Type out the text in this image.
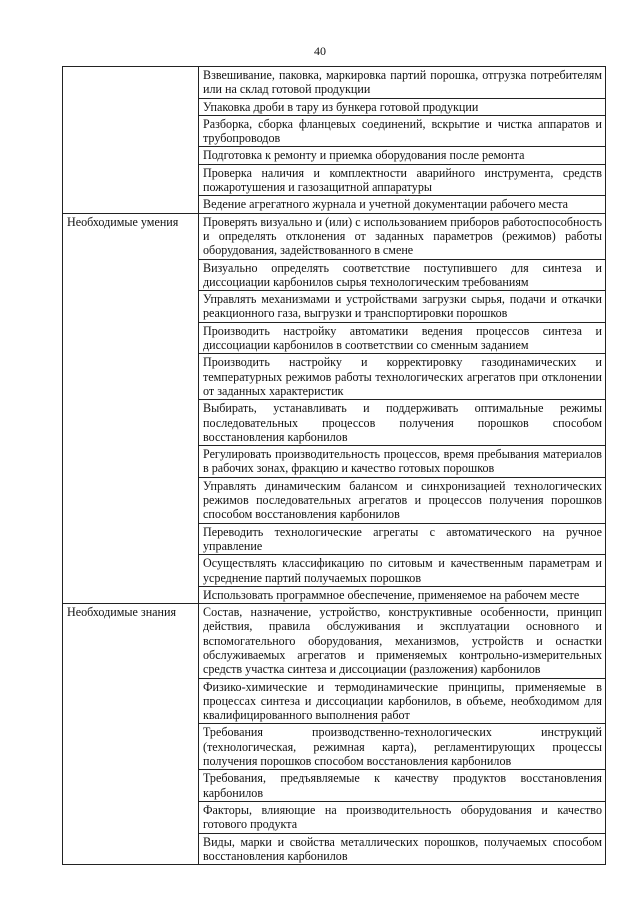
40
	Взвешивание, паковка, маркировка партий порошка, отгрузка потребителям или на склад готовой продукции
	Упаковка дроби в тару из бункера готовой продукции
	Разборка, сборка фланцевых соединений, вскрытие и чистка аппаратов и трубопроводов
	Подготовка к ремонту и приемка оборудования после ремонта
	Проверка наличия и комплектности аварийного инструмента, средств пожаротушения и газозащитной аппаратуры
	Ведение агрегатного журнала и учетной документации рабочего места
Необходимые умения	Проверять визуально и (или) с использованием приборов работоспособность и определять отклонения от заданных параметров (режимов) работы оборудования, задействованного в смене
	Визуально определять соответствие поступившего для синтеза и диссоциации карбонилов сырья технологическим требованиям
	Управлять механизмами и устройствами загрузки сырья, подачи и откачки реакционного газа, выгрузки и транспортировки порошков
	Производить настройку автоматики ведения процессов синтеза и диссоциации карбонилов в соответствии со сменным заданием
	Производить настройку и корректировку газодинамических и температурных режимов работы технологических агрегатов при отклонении от заданных характеристик
	Выбирать, устанавливать и поддерживать оптимальные режимы последовательных процессов получения порошков способом восстановления карбонилов
	Регулировать производительность процессов, время пребывания материалов в рабочих зонах, фракцию и качество готовых порошков
	Управлять динамическим балансом и синхронизацией технологических режимов последовательных агрегатов и процессов получения порошков способом восстановления карбонилов
	Переводить технологические агрегаты с автоматического на ручное управление
	Осуществлять классификацию по ситовым и качественным параметрам и усреднение партий получаемых порошков
	Использовать программное обеспечение, применяемое на рабочем месте
Необходимые знания	Состав, назначение, устройство, конструктивные особенности, принцип действия, правила обслуживания и эксплуатации основного и вспомогательного оборудования, механизмов, устройств и оснастки обслуживаемых агрегатов и применяемых контрольно-измерительных средств участка синтеза и диссоциации (разложения) карбонилов
	Физико-химические и термодинамические принципы, применяемые в процессах синтеза и диссоциации карбонилов, в объеме, необходимом для квалифицированного выполнения работ
	Требования производственно-технологических инструкций (технологическая, режимная карта), регламентирующих процессы получения порошков способом восстановления карбонилов
	Требования, предъявляемые к качеству продуктов восстановления карбонилов
	Факторы, влияющие на производительность оборудования и качество готового продукта
	Виды, марки и свойства металлических порошков, получаемых способом восстановления карбонилов
